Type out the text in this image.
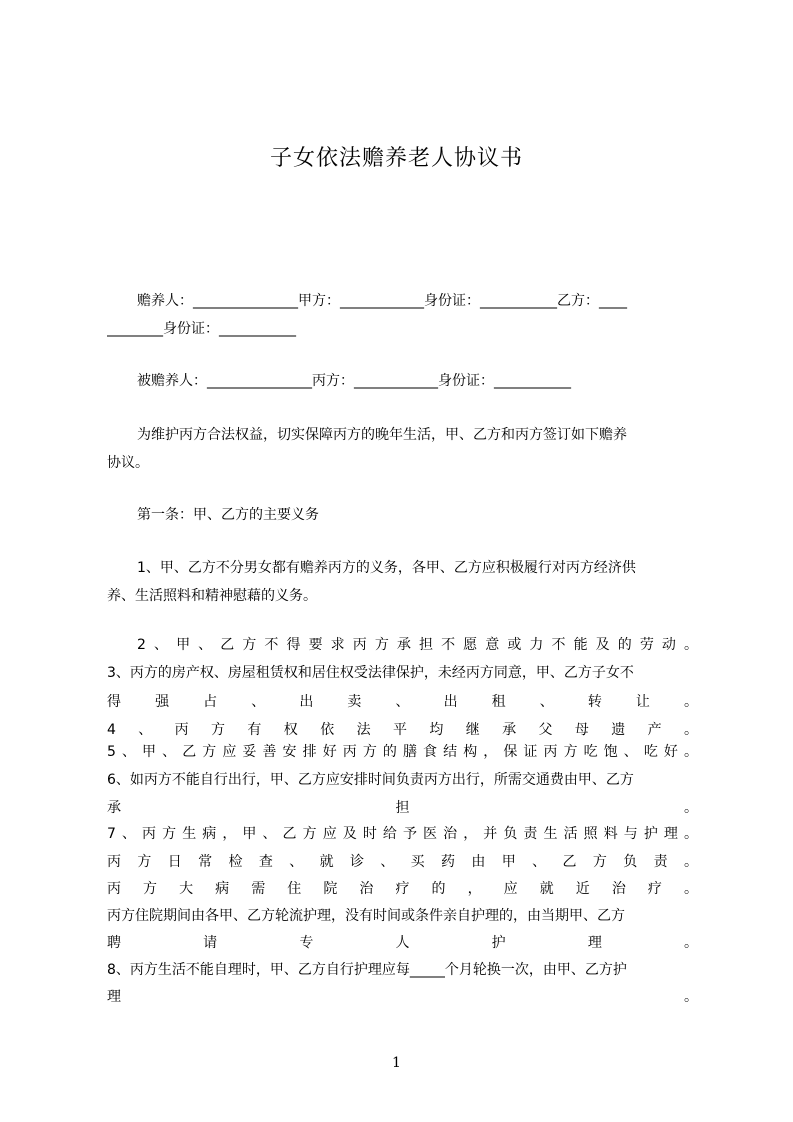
子女依法赡养老人协议书
赡养人：_______________甲方：____________身份证：___________乙方：____
________身份证：___________
被赡养人：_______________丙方：____________身份证：___________
为维护丙方合法权益，切实保障丙方的晚年生活，甲、乙方和丙方签订如下赡养
协议。
第一条：甲、乙方的主要义务
1、甲、乙方不分男女都有赡养丙方的义务，各甲、乙方应积极履行对丙方经济供
养、生活照料和精神慰藉的义务。
2、甲、乙方不得要求丙方承担不愿意或力不能及的劳动。
3、丙方的房产权、房屋租赁权和居住权受法律保护，未经丙方同意，甲、乙方子女不
得强占、出卖、出租、转让。
4、丙方有权依法平均继承父母遗产。
5、甲、乙方应妥善安排好丙方的膳食结构，保证丙方吃饱、吃好。
6、如丙方不能自行出行，甲、乙方应安排时间负责丙方出行，所需交通费由甲、乙方
承担。
7、丙方生病，甲、乙方应及时给予医治，并负责生活照料与护理。
丙方日常检查、就诊、买药由甲、乙方负责。
丙方大病需住院治疗的，应就近治疗。
丙方住院期间由各甲、乙方轮流护理，没有时间或条件亲自护理的，由当期甲、乙方
聘请专人护理。
8、丙方生活不能自理时，甲、乙方自行护理应每_____个月轮换一次，由甲、乙方护
理。
1
